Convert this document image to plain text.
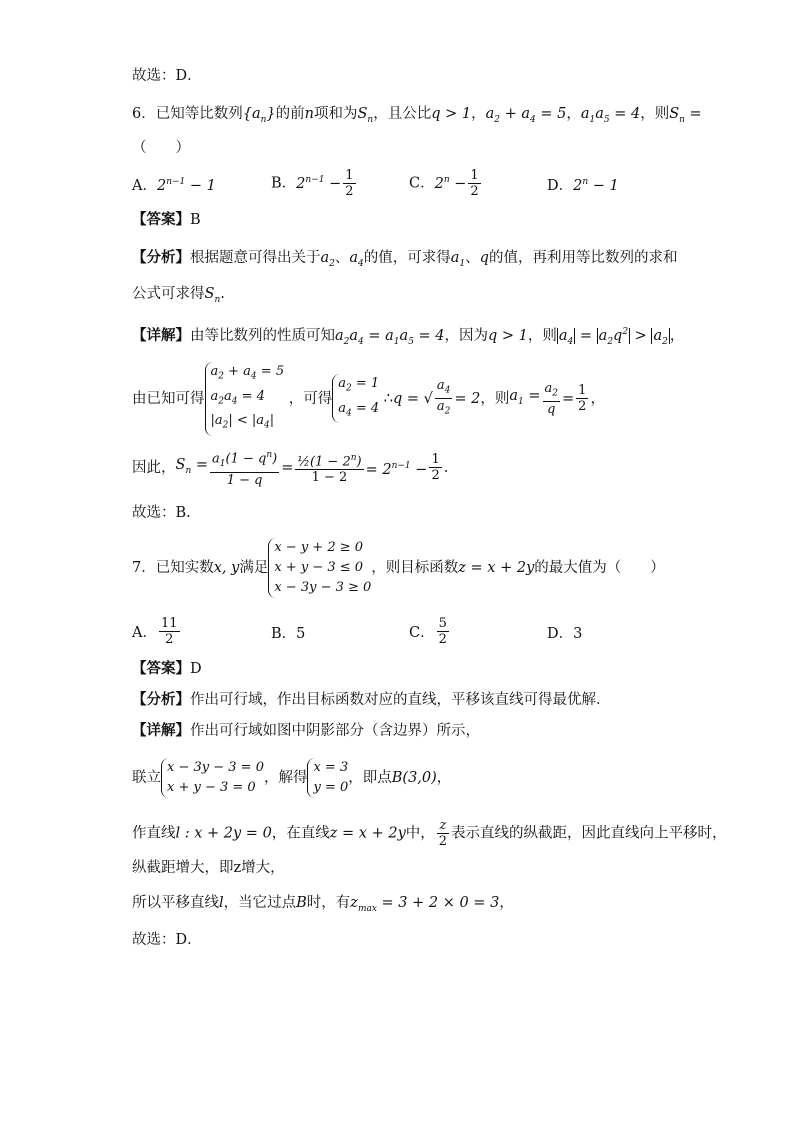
故选：D．
6．已知等比数列$\{a_n\}$的前n项和为$S_n$，且公比q > 1，$a_2 + a_4 = 5$，$a_1a_5 = 4$，则$S_n$ =
（　　）
A．$2^{n-1} - 1$	B．$2^{n-1} - \frac{1}{2}$	C．$2^n - \frac{1}{2}$	D．$2^n - 1$
【答案】B
【分析】根据题意可得出关于$a_2$、$a_4$的值，可求得$a_1$、q的值，再利用等比数列的求和
公式可求得$S_n$.
【详解】由等比数列的性质可知$a_2a_4 = a_1a_5 = 4$，因为q > 1，则 $a_4 = a_2q^2 > a_2$ ，
由已知可得
$a_2 + a_4 = 5$
$a_2a_4 = 4$
$|a_2| < |a_4|$
，可得
$a_2 = 1$
$a_4 = 4$
∴q = √ $\frac{a_4}{a_2} = 2$，则$a_1 = \frac{a_2}{q} = \frac{1}{2}$ ，
因此，$S_n = \frac{a_1(1 - q^n)}{1 - q} = \frac{\frac{1}{2}(1 - 2^n)}{1 - 2} = 2^{n-1} - \frac{1}{2}$ .
故选：B.
7．已知实数x, y满足
x − y + 2 ≥ 0
x + y − 3 ≤ 0
x − 3y − 3 ≥ 0
，则目标函数z = x + 2y的最大值为（　　）
A． $\frac{11}{2}$	B．5	C． $\frac{5}{2}$	D．3
【答案】D
【分析】作出可行域，作出目标函数对应的直线，平移该直线可得最优解．
【详解】作出可行域如图中阴影部分（含边界）所示，
联立
x − 3y − 3 = 0
x + y − 3 = 0
，解得
x = 3
y = 0
，即点B(3,0)，
作直线l : x + 2y = 0，在直线z = x + 2y中， $\frac{z}{2}$ 表示直线的纵截距，因此直线向上平移时，
纵截距增大，即z增大，
所以平移直线l，当它过点B时，有$z_{max} = 3 + 2 \times 0 = 3$，
故选：D．
